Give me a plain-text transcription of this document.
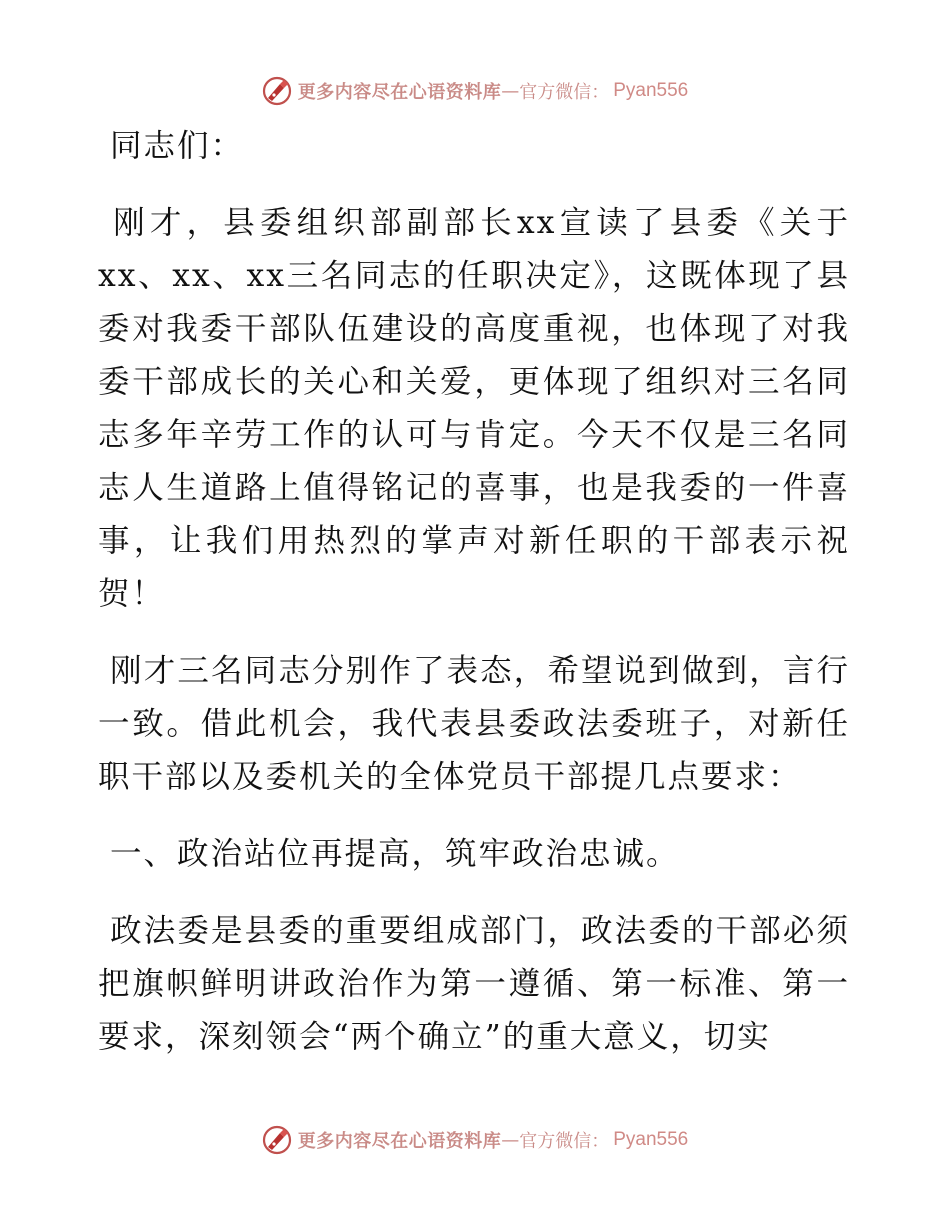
更多内容尽在心语资料库 — 官方微信： Pyan556

同志们：

刚才，县委组织部副部长xx宣读了县委《关于xx、xx、xx三名同志的任职决定》，这既体现了县委对我委干部队伍建设的高度重视，也体现了对我委干部成长的关心和关爱，更体现了组织对三名同志多年辛劳工作的认可与肯定。今天不仅是三名同志人生道路上值得铭记的喜事，也是我委的一件喜事，让我们用热烈的掌声对新任职的干部表示祝贺！

刚才三名同志分别作了表态，希望说到做到，言行一致。借此机会，我代表县委政法委班子，对新任职干部以及委机关的全体党员干部提几点要求：

一、政治站位再提高，筑牢政治忠诚。

政法委是县委的重要组成部门，政法委的干部必须把旗帜鲜明讲政治作为第一遵循、第一标准、第一要求，深刻领会“两个确立”的重大意义，切实

更多内容尽在心语资料库 — 官方微信： Pyan556
